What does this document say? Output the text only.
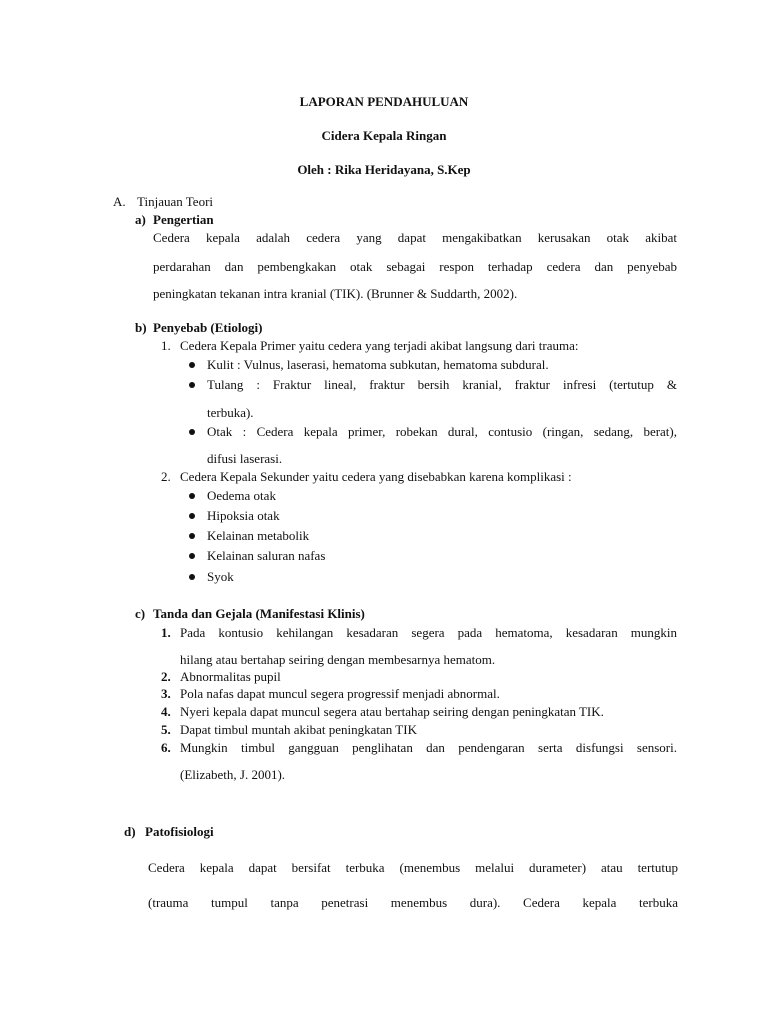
LAPORAN PENDAHULUAN
Cidera Kepala Ringan
Oleh : Rika Heridayana, S.Kep
A. Tinjauan Teori
a) Pengertian
Cedera kepala adalah cedera yang dapat mengakibatkan kerusakan otak akibat
perdarahan dan pembengkakan otak sebagai respon terhadap cedera dan penyebab
peningkatan tekanan intra kranial (TIK). (Brunner & Suddarth, 2002).
b) Penyebab (Etiologi)
1. Cedera Kepala Primer yaitu cedera yang terjadi akibat langsung dari trauma:
Kulit : Vulnus, laserasi, hematoma subkutan, hematoma subdural.
Tulang : Fraktur lineal, fraktur bersih kranial, fraktur infresi (tertutup &
terbuka).
Otak : Cedera kepala primer, robekan dural, contusio (ringan, sedang, berat),
difusi laserasi.
2. Cedera Kepala Sekunder yaitu cedera yang disebabkan karena komplikasi :
Oedema otak
Hipoksia otak
Kelainan metabolik
Kelainan saluran nafas
Syok
c) Tanda dan Gejala (Manifestasi Klinis)
1. Pada kontusio kehilangan kesadaran segera pada hematoma, kesadaran mungkin
hilang atau bertahap seiring dengan membesarnya hematom.
2. Abnormalitas pupil
3. Pola nafas dapat muncul segera progressif menjadi abnormal.
4. Nyeri kepala dapat muncul segera atau bertahap seiring dengan peningkatan TIK.
5. Dapat timbul muntah akibat peningkatan TIK
6. Mungkin timbul gangguan penglihatan dan pendengaran serta disfungsi sensori.
(Elizabeth, J. 2001).
d) Patofisiologi
Cedera kepala dapat bersifat terbuka (menembus melalui durameter) atau tertutup
(trauma tumpul tanpa penetrasi menembus dura). Cedera kepala terbuka
